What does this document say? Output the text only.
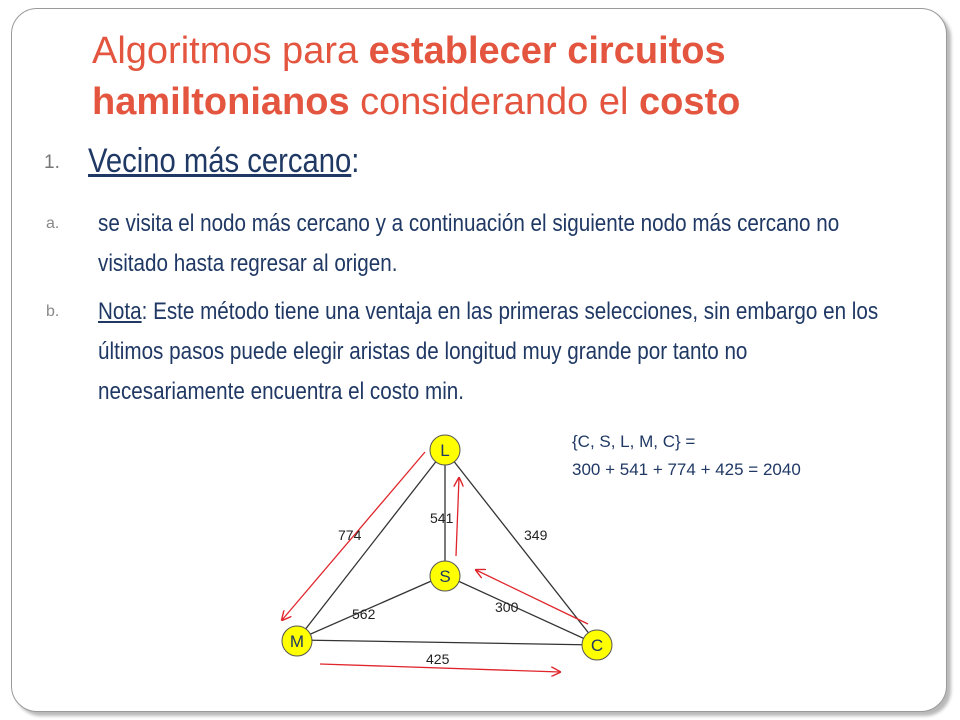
Algoritmos para establecer circuitos hamiltonianos considerando el costo
1. Vecino más cercano:
a. se visita el nodo más cercano y a continuación el siguiente nodo más cercano no visitado hasta regresar al origen.
b. Nota: Este método tiene una ventaja en las primeras selecciones, sin embargo en los últimos pasos puede elegir aristas de longitud muy grande por tanto no necesariamente encuentra el costo min.
774
541
349
562	300
425
L
S
M	C
{C, S, L, M, C} =
300 + 541 + 774 + 425 = 2040
